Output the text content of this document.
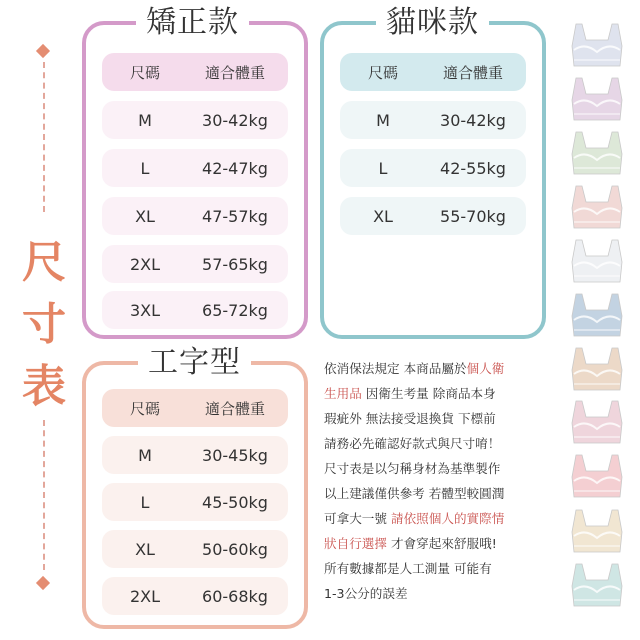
尺
寸
表
矯正款
尺碼	適合體重
M	30-42kg
L	42-47kg
XL	47-57kg
2XL	57-65kg
3XL	65-72kg
貓咪款
尺碼	適合體重
M	30-42kg
L	42-55kg
XL	55-70kg
工字型
尺碼	適合體重
M	30-45kg
L	45-50kg
XL	50-60kg
2XL	60-68kg
依消保法規定 本商品屬於個人衛
生用品 因衛生考量 除商品本身
瑕疵外 無法接受退換貨 下標前
請務必先確認好款式與尺寸唷！
尺寸表是以匀稱身材為基準製作
以上建議僅供參考 若體型較圓潤
可拿大一號 請依照個人的實際情
狀自行選擇 才會穿起來舒服哦!
所有數據都是人工測量 可能有
1-3公分的誤差
